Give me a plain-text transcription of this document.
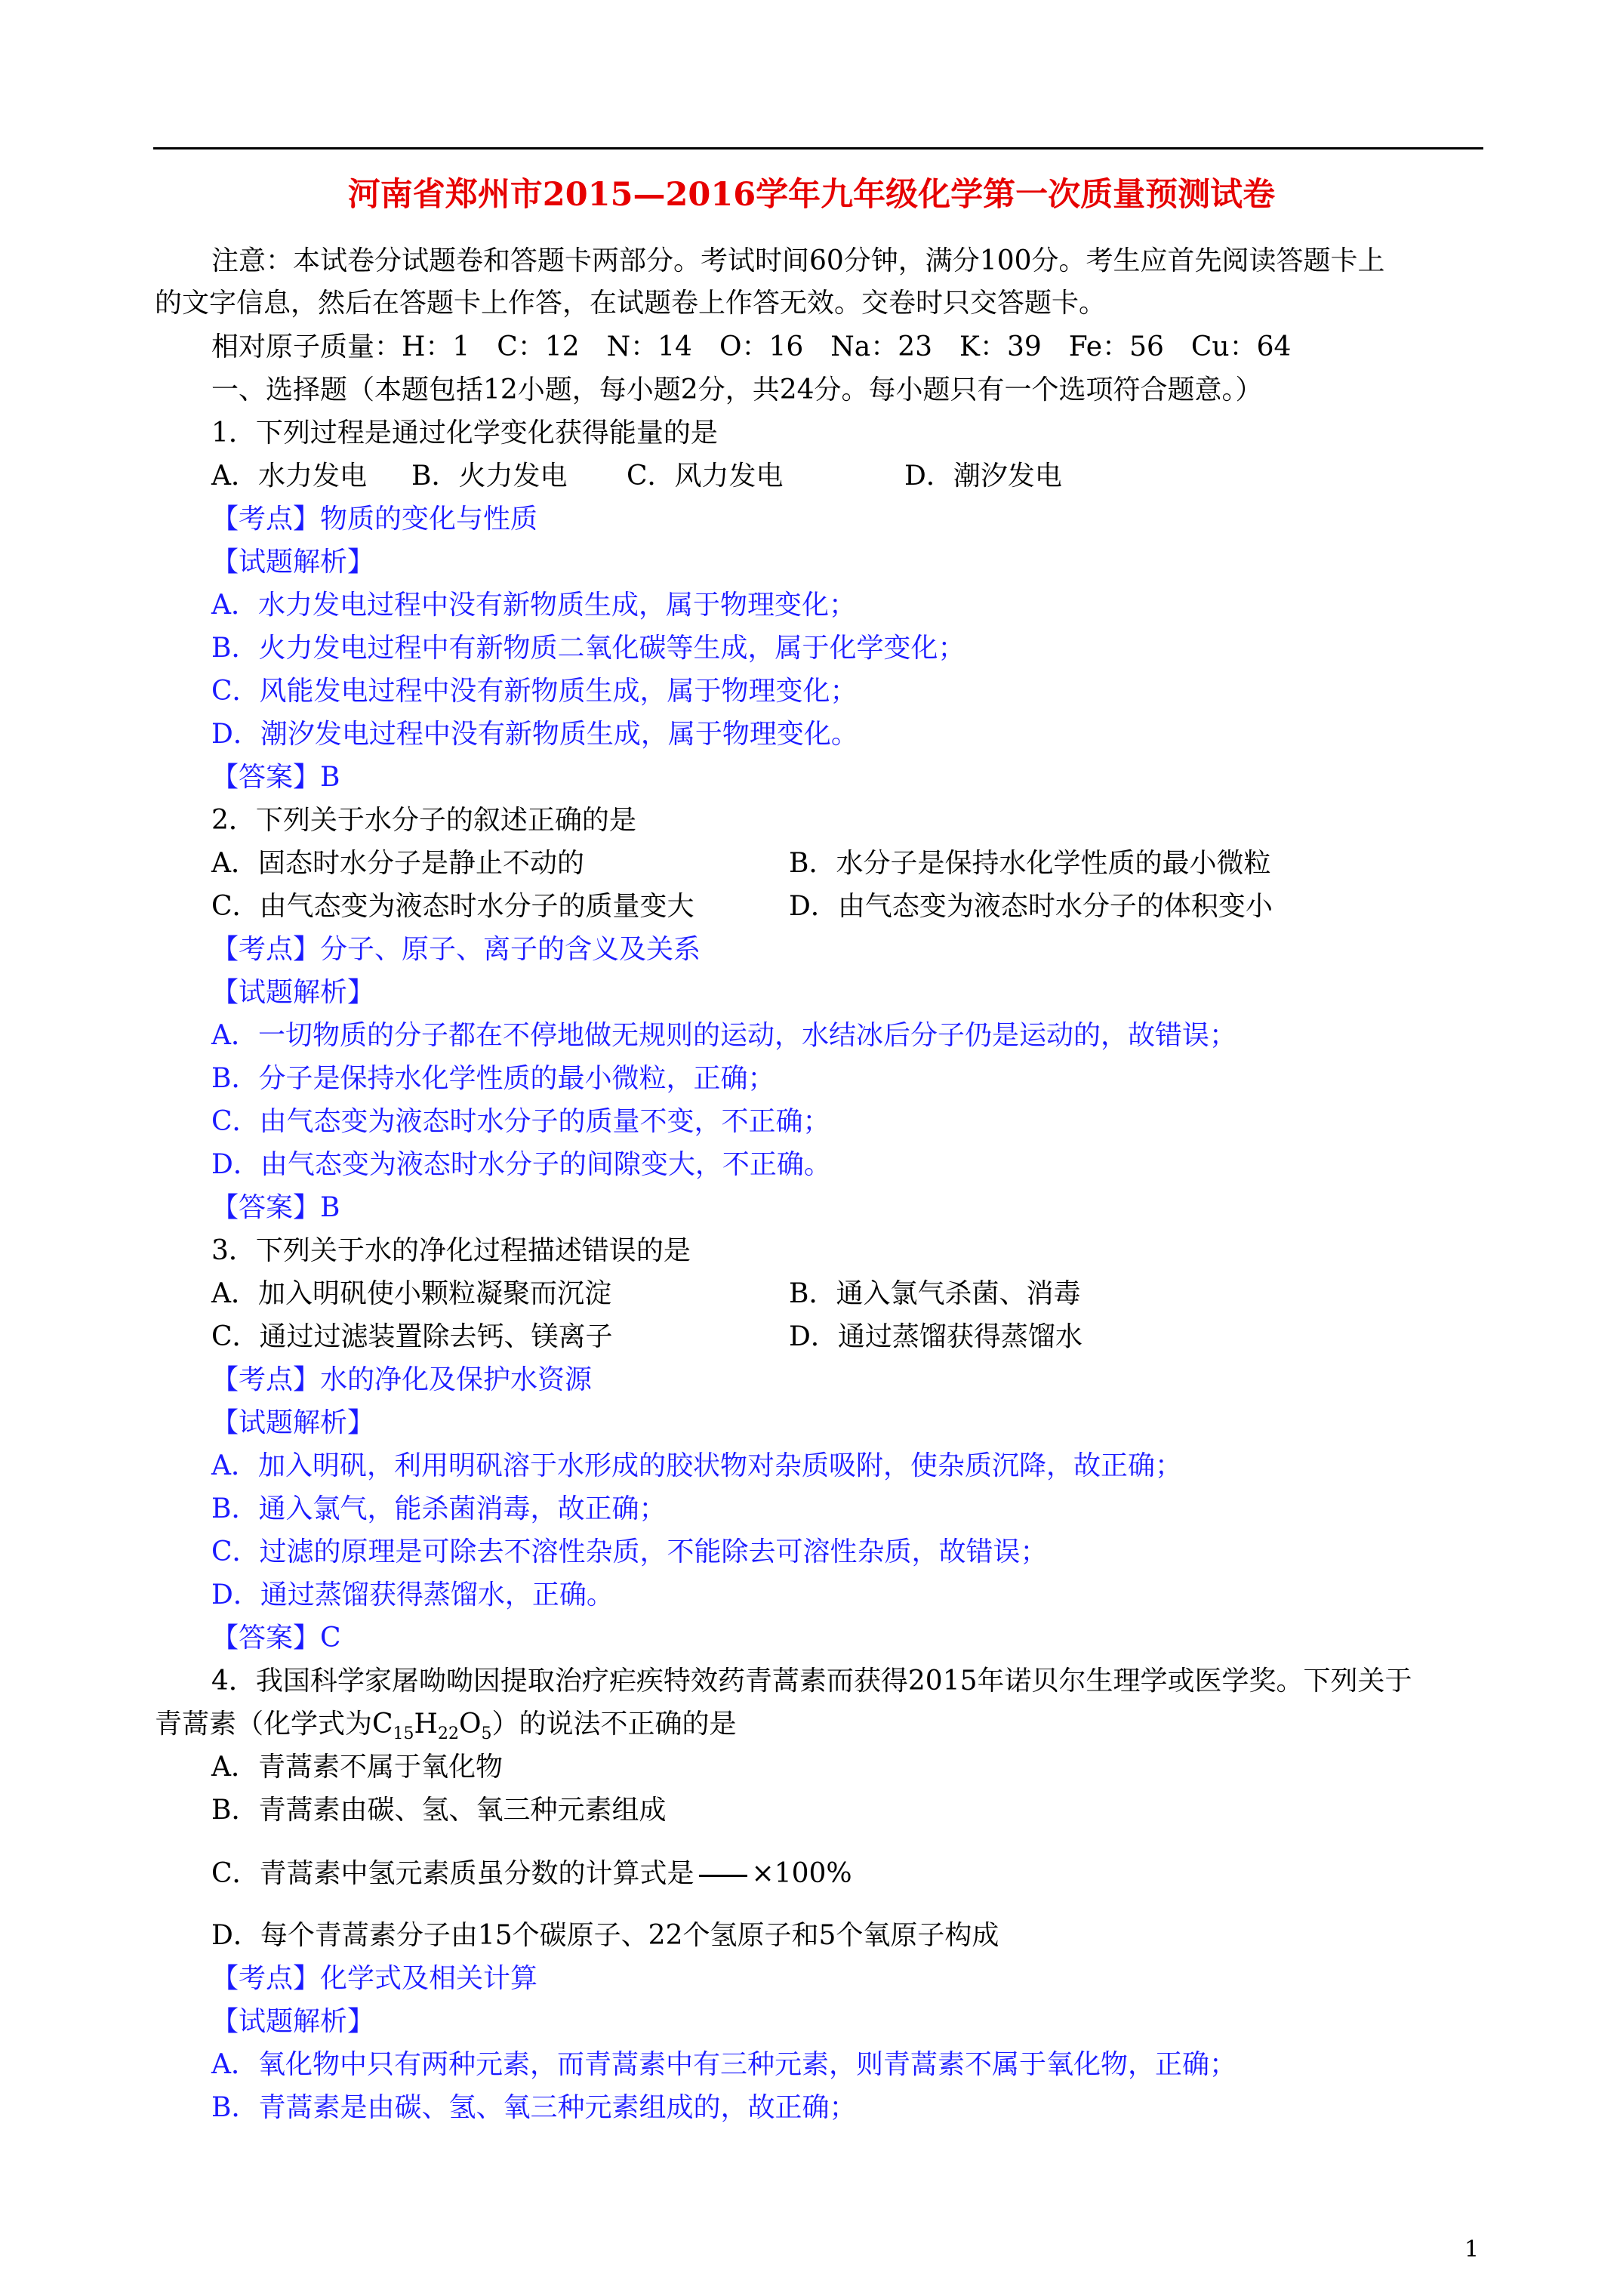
河南省郑州市2015—2016学年九年级化学第一次质量预测试卷
注意：本试卷分试题卷和答题卡两部分。考试时间60分钟，满分100分。考生应首先阅读答题卡上
的文字信息，然后在答题卡上作答，在试题卷上作答无效。交卷时只交答题卡。
相对原子质量：H：1　C：12　N：14　O：16　Na：23　K：39　Fe：56　Cu：64
一、选择题（本题包括12小题，每小题2分，共24分。每小题只有一个选项符合题意。）
1．下列过程是通过化学变化获得能量的是
A．水力发电 B．火力发电 C．风力发电	D．潮汐发电
【考点】物质的变化与性质
【试题解析】
A．水力发电过程中没有新物质生成，属于物理变化；
B．火力发电过程中有新物质二氧化碳等生成，属于化学变化；
C．风能发电过程中没有新物质生成，属于物理变化；
D．潮汐发电过程中没有新物质生成，属于物理变化。
【答案】B
2．下列关于水分子的叙述正确的是
A．固态时水分子是静止不动的	B．水分子是保持水化学性质的最小微粒
C．由气态变为液态时水分子的质量变大	D．由气态变为液态时水分子的体积变小
【考点】分子、原子、离子的含义及关系
【试题解析】
A．一切物质的分子都在不停地做无规则的运动，水结冰后分子仍是运动的，故错误；
B．分子是保持水化学性质的最小微粒，正确；
C．由气态变为液态时水分子的质量不变，不正确；
D．由气态变为液态时水分子的间隙变大，不正确。
【答案】B
3．下列关于水的净化过程描述错误的是
A．加入明矾使小颗粒凝聚而沉淀	B．通入氯气杀菌、消毒
C．通过过滤装置除去钙、镁离子	D．通过蒸馏获得蒸馏水
【考点】水的净化及保护水资源
【试题解析】
A．加入明矾，利用明矾溶于水形成的胶状物对杂质吸附，使杂质沉降，故正确；
B．通入氯气，能杀菌消毒，故正确；
C．过滤的原理是可除去不溶性杂质，不能除去可溶性杂质，故错误；
D．通过蒸馏获得蒸馏水，正确。
【答案】C
4．我国科学家屠呦呦因提取治疗疟疾特效药青蒿素而获得2015年诺贝尔生理学或医学奖。下列关于
青蒿素（化学式为$C_{15}H_{22}O_5$）的说法不正确的是
A．青蒿素不属于氧化物
B．青蒿素由碳、氢、氧三种元素组成
C．青蒿素中氢元素质虽分数的计算式是 ×100%
D．每个青蒿素分子由15个碳原子、22个氢原子和5个氧原子构成
【考点】化学式及相关计算
【试题解析】
A．氧化物中只有两种元素，而青蒿素中有三种元素，则青蒿素不属于氧化物，正确；
B．青蒿素是由碳、氢、氧三种元素组成的，故正确；
1
